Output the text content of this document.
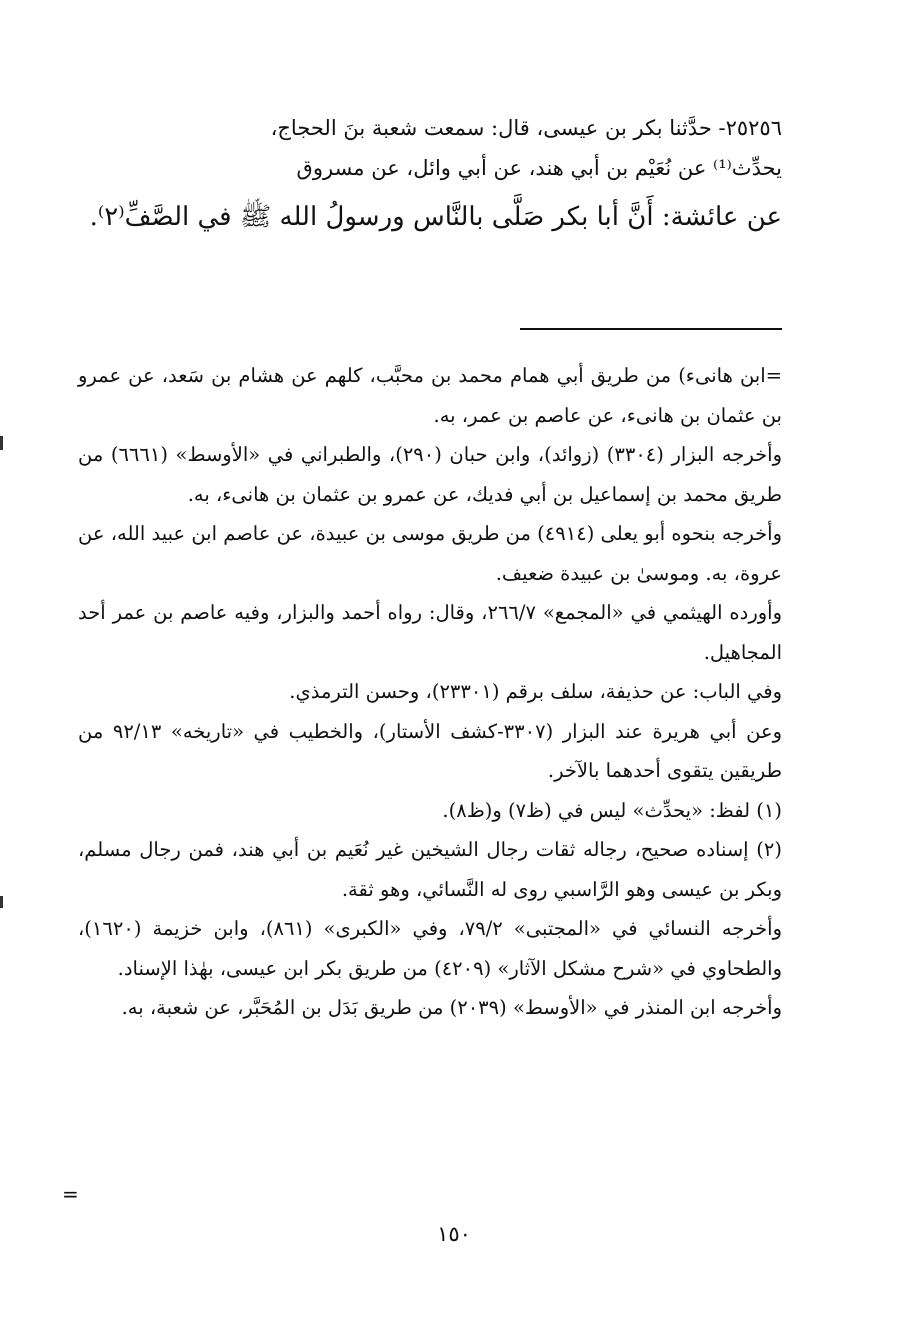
٢٥٢٥٦- حدَّثنا بكر بن عيسى، قال: سمعت شعبة بنَ الحجاج،

يحدِّث⁽¹⁾ عن نُعَيْم بن أبي هند، عن أبي وائل، عن مسروق

عن عائشة: أَنَّ أبا بكر صَلَّى بالنَّاس ورسولُ الله ﷺ في الصَّفِّ⁽٢⁾.

=ابن هانىء) من طريق أبي همام محمد بن محبَّب، كلهم عن هشام بن سَعد، عن عمرو بن عثمان بن هانىء، عن عاصم بن عمر، به.

وأخرجه البزار (٣٣٠٤) (زوائد)، وابن حبان (٢٩٠)، والطبراني في «الأوسط» (٦٦٦١) من طريق محمد بن إسماعيل بن أبي فديك، عن عمرو بن عثمان بن هانىء، به.

وأخرجه بنحوه أبو يعلى (٤٩١٤) من طريق موسى بن عبيدة، عن عاصم ابن عبيد الله، عن عروة، به. وموسىٰ بن عبيدة ضعيف.

وأورده الهيثمي في «المجمع» ٢٦٦/٧، وقال: رواه أحمد والبزار، وفيه عاصم بن عمر أحد المجاهيل.

وفي الباب: عن حذيفة، سلف برقم (٢٣٣٠١)، وحسن الترمذي.

وعن أبي هريرة عند البزار (٣٣٠٧-كشف الأستار)، والخطيب في «تاريخه» ٩٢/١٣ من طريقين يتقوى أحدهما بالآخر.

(١) لفظ: «يحدِّث» ليس في (ظ٧) و(ظ٨).

(٢) إسناده صحيح، رجاله ثقات رجال الشيخين غير نُعَيم بن أبي هند، فمن رجال مسلم، وبكر بن عيسى وهو الرَّاسبي روى له النَّسائي، وهو ثقة.

وأخرجه النسائي في «المجتبى» ٧٩/٢، وفي «الكبرى» (٨٦١)، وابن خزيمة (١٦٢٠)، والطحاوي في «شرح مشكل الآثار» (٤٢٠٩) من طريق بكر ابن عيسى، بهٰذا الإسناد.

وأخرجه ابن المنذر في «الأوسط» (٢٠٣٩) من طريق بَدَل بن المُحَبَّر، عن شعبة، به.

=
١٥٠
